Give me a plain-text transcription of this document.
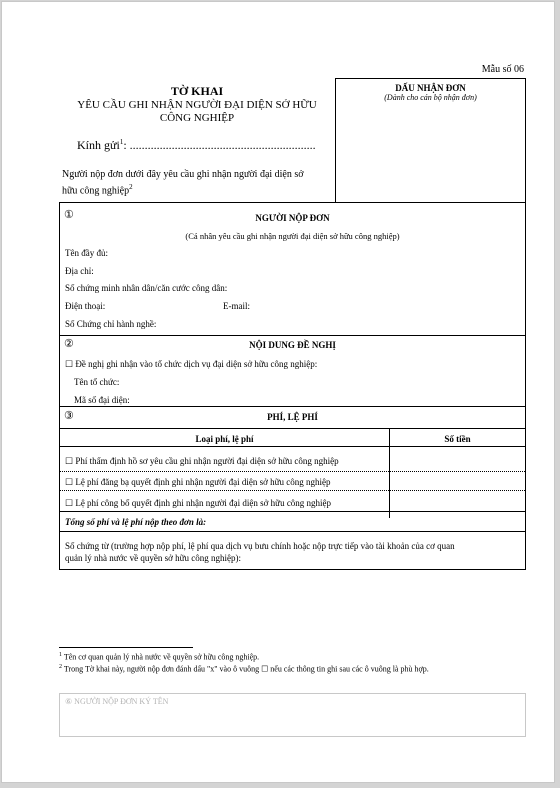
Mẫu số 06
TỜ KHAI
YÊU CẦU GHI NHẬN NGƯỜI ĐẠI DIỆN SỞ HỮU
CÔNG NGHIỆP
DẤU NHẬN ĐƠN
(Dành cho cán bộ nhận đơn)
Kính gửi$^1$: ..............................................................
Người nộp đơn dưới đây yêu cầu ghi nhận người đại diện sở
hữu công nghiệp$^2$
①	NGƯỜI NỘP ĐƠN
(Cá nhân yêu cầu ghi nhận người đại diện sở hữu công nghiệp)
Tên đầy đủ:
Địa chỉ:
Số chứng minh nhân dân/căn cước công dân:
Điện thoại:	E-mail:
Số Chứng chỉ hành nghề:
②	NỘI DUNG ĐỀ NGHỊ
☐ Đề nghị ghi nhận vào tổ chức dịch vụ đại diện sở hữu công nghiệp:
Tên tổ chức:
Mã số đại diện:
③	PHÍ, LỆ PHÍ
Loại phí, lệ phí	Số tiền
☐ Phí thẩm định hồ sơ yêu cầu ghi nhận người đại diện sở hữu công nghiệp
☐ Lệ phí đăng bạ quyết định ghi nhận người đại diện sở hữu công nghiệp
☐ Lệ phí công bố quyết định ghi nhận người đại diện sở hữu công nghiệp
Tổng số phí và lệ phí nộp theo đơn là:
Số chứng từ (trường hợp nộp phí, lệ phí qua dịch vụ bưu chính hoặc nộp trực tiếp vào tài khoản của cơ quan
quản lý nhà nước về quyền sở hữu công nghiệp):
$^1$ Tên cơ quan quản lý nhà nước về quyền sở hữu công nghiệp.
$^2$ Trong Tờ khai này, người nộp đơn đánh dấu "x" vào ô vuông ☐ nếu các thông tin ghi sau các ô vuông là phù hợp.
⑥ NGƯỜI NỘP ĐƠN KÝ TÊN
